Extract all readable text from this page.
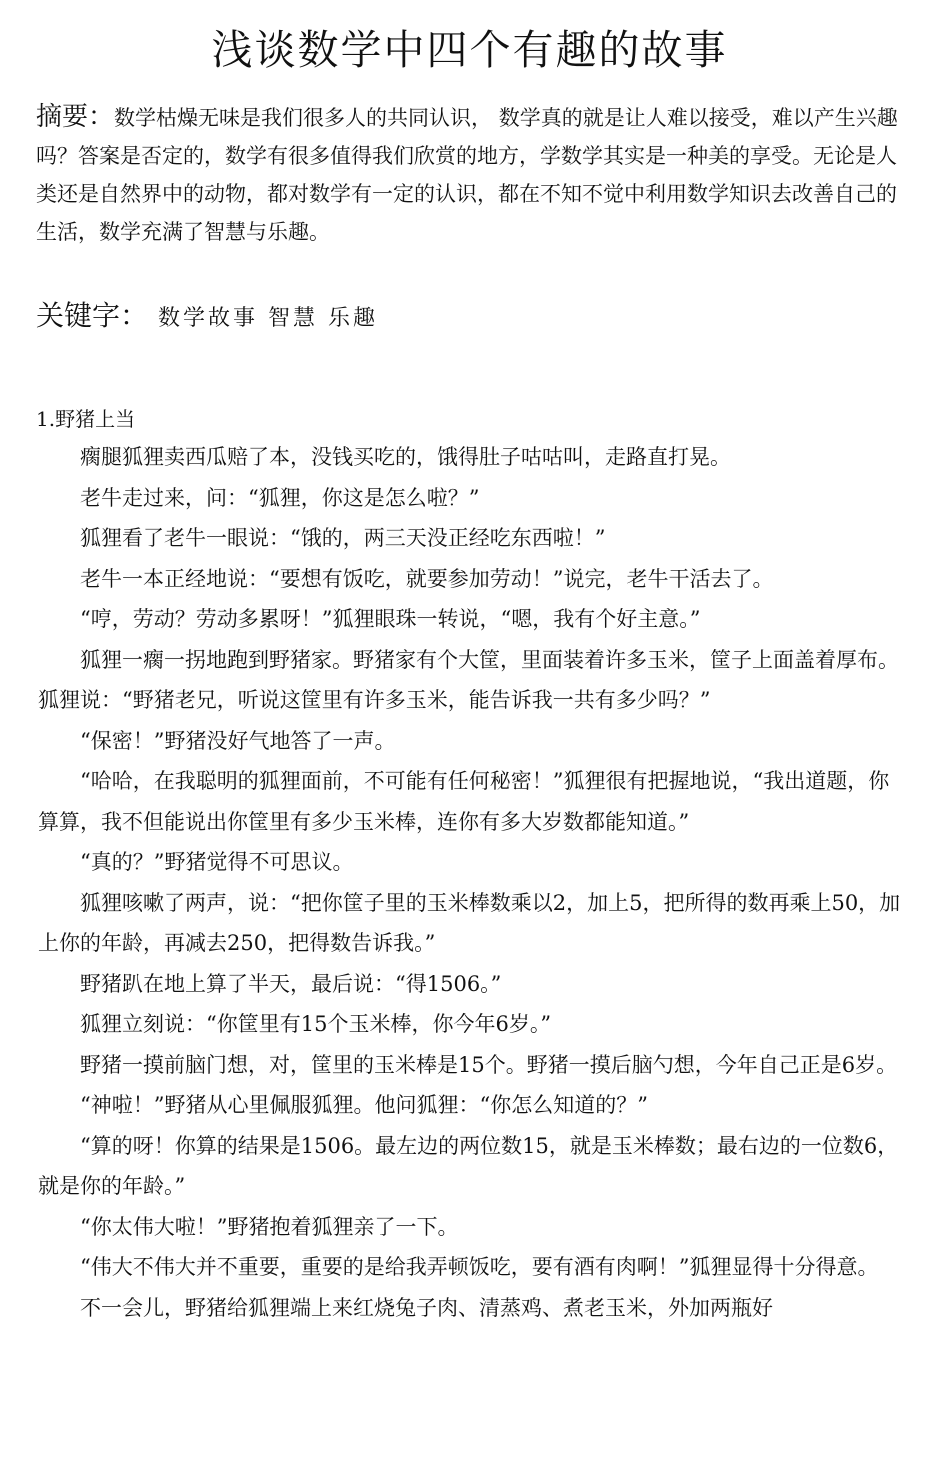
浅谈数学中四个有趣的故事

摘要：数学枯燥无味是我们很多人的共同认识， 数学真的就是让人难以接受，难以产生兴趣吗？答案是否定的，数学有很多值得我们欣赏的地方，学数学其实是一种美的享受。无论是人类还是自然界中的动物，都对数学有一定的认识，都在不知不觉中利用数学知识去改善自己的生活，数学充满了智慧与乐趣。

关键字： 数学故事 智慧 乐趣

1.野猪上当

瘸腿狐狸卖西瓜赔了本，没钱买吃的，饿得肚子咕咕叫，走路直打晃。

老牛走过来，问：“狐狸，你这是怎么啦？”

狐狸看了老牛一眼说：“饿的，两三天没正经吃东西啦！”

老牛一本正经地说：“要想有饭吃，就要参加劳动！”说完，老牛干活去了。

“哼，劳动？劳动多累呀！”狐狸眼珠一转说，“嗯，我有个好主意。”

狐狸一瘸一拐地跑到野猪家。野猪家有个大筐，里面装着许多玉米，筐子上面盖着厚布。狐狸说：“野猪老兄，听说这筐里有许多玉米，能告诉我一共有多少吗？”

“保密！”野猪没好气地答了一声。

“哈哈，在我聪明的狐狸面前，不可能有任何秘密！”狐狸很有把握地说，“我出道题，你算算，我不但能说出你筐里有多少玉米棒，连你有多大岁数都能知道。”

“真的？”野猪觉得不可思议。

狐狸咳嗽了两声，说：“把你筐子里的玉米棒数乘以2，加上5，把所得的数再乘上50，加上你的年龄，再减去250，把得数告诉我。”

野猪趴在地上算了半天，最后说：“得1506。”

狐狸立刻说：“你筐里有15个玉米棒，你今年6岁。”

野猪一摸前脑门想，对，筐里的玉米棒是15个。野猪一摸后脑勺想，今年自己正是6岁。

“神啦！”野猪从心里佩服狐狸。他问狐狸：“你怎么知道的？”

“算的呀！你算的结果是1506。最左边的两位数15，就是玉米棒数；最右边的一位数6，就是你的年龄。”

“你太伟大啦！”野猪抱着狐狸亲了一下。

“伟大不伟大并不重要，重要的是给我弄顿饭吃，要有酒有肉啊！”狐狸显得十分得意。

不一会儿，野猪给狐狸端上来红烧兔子肉、清蒸鸡、煮老玉米，外加两瓶好
